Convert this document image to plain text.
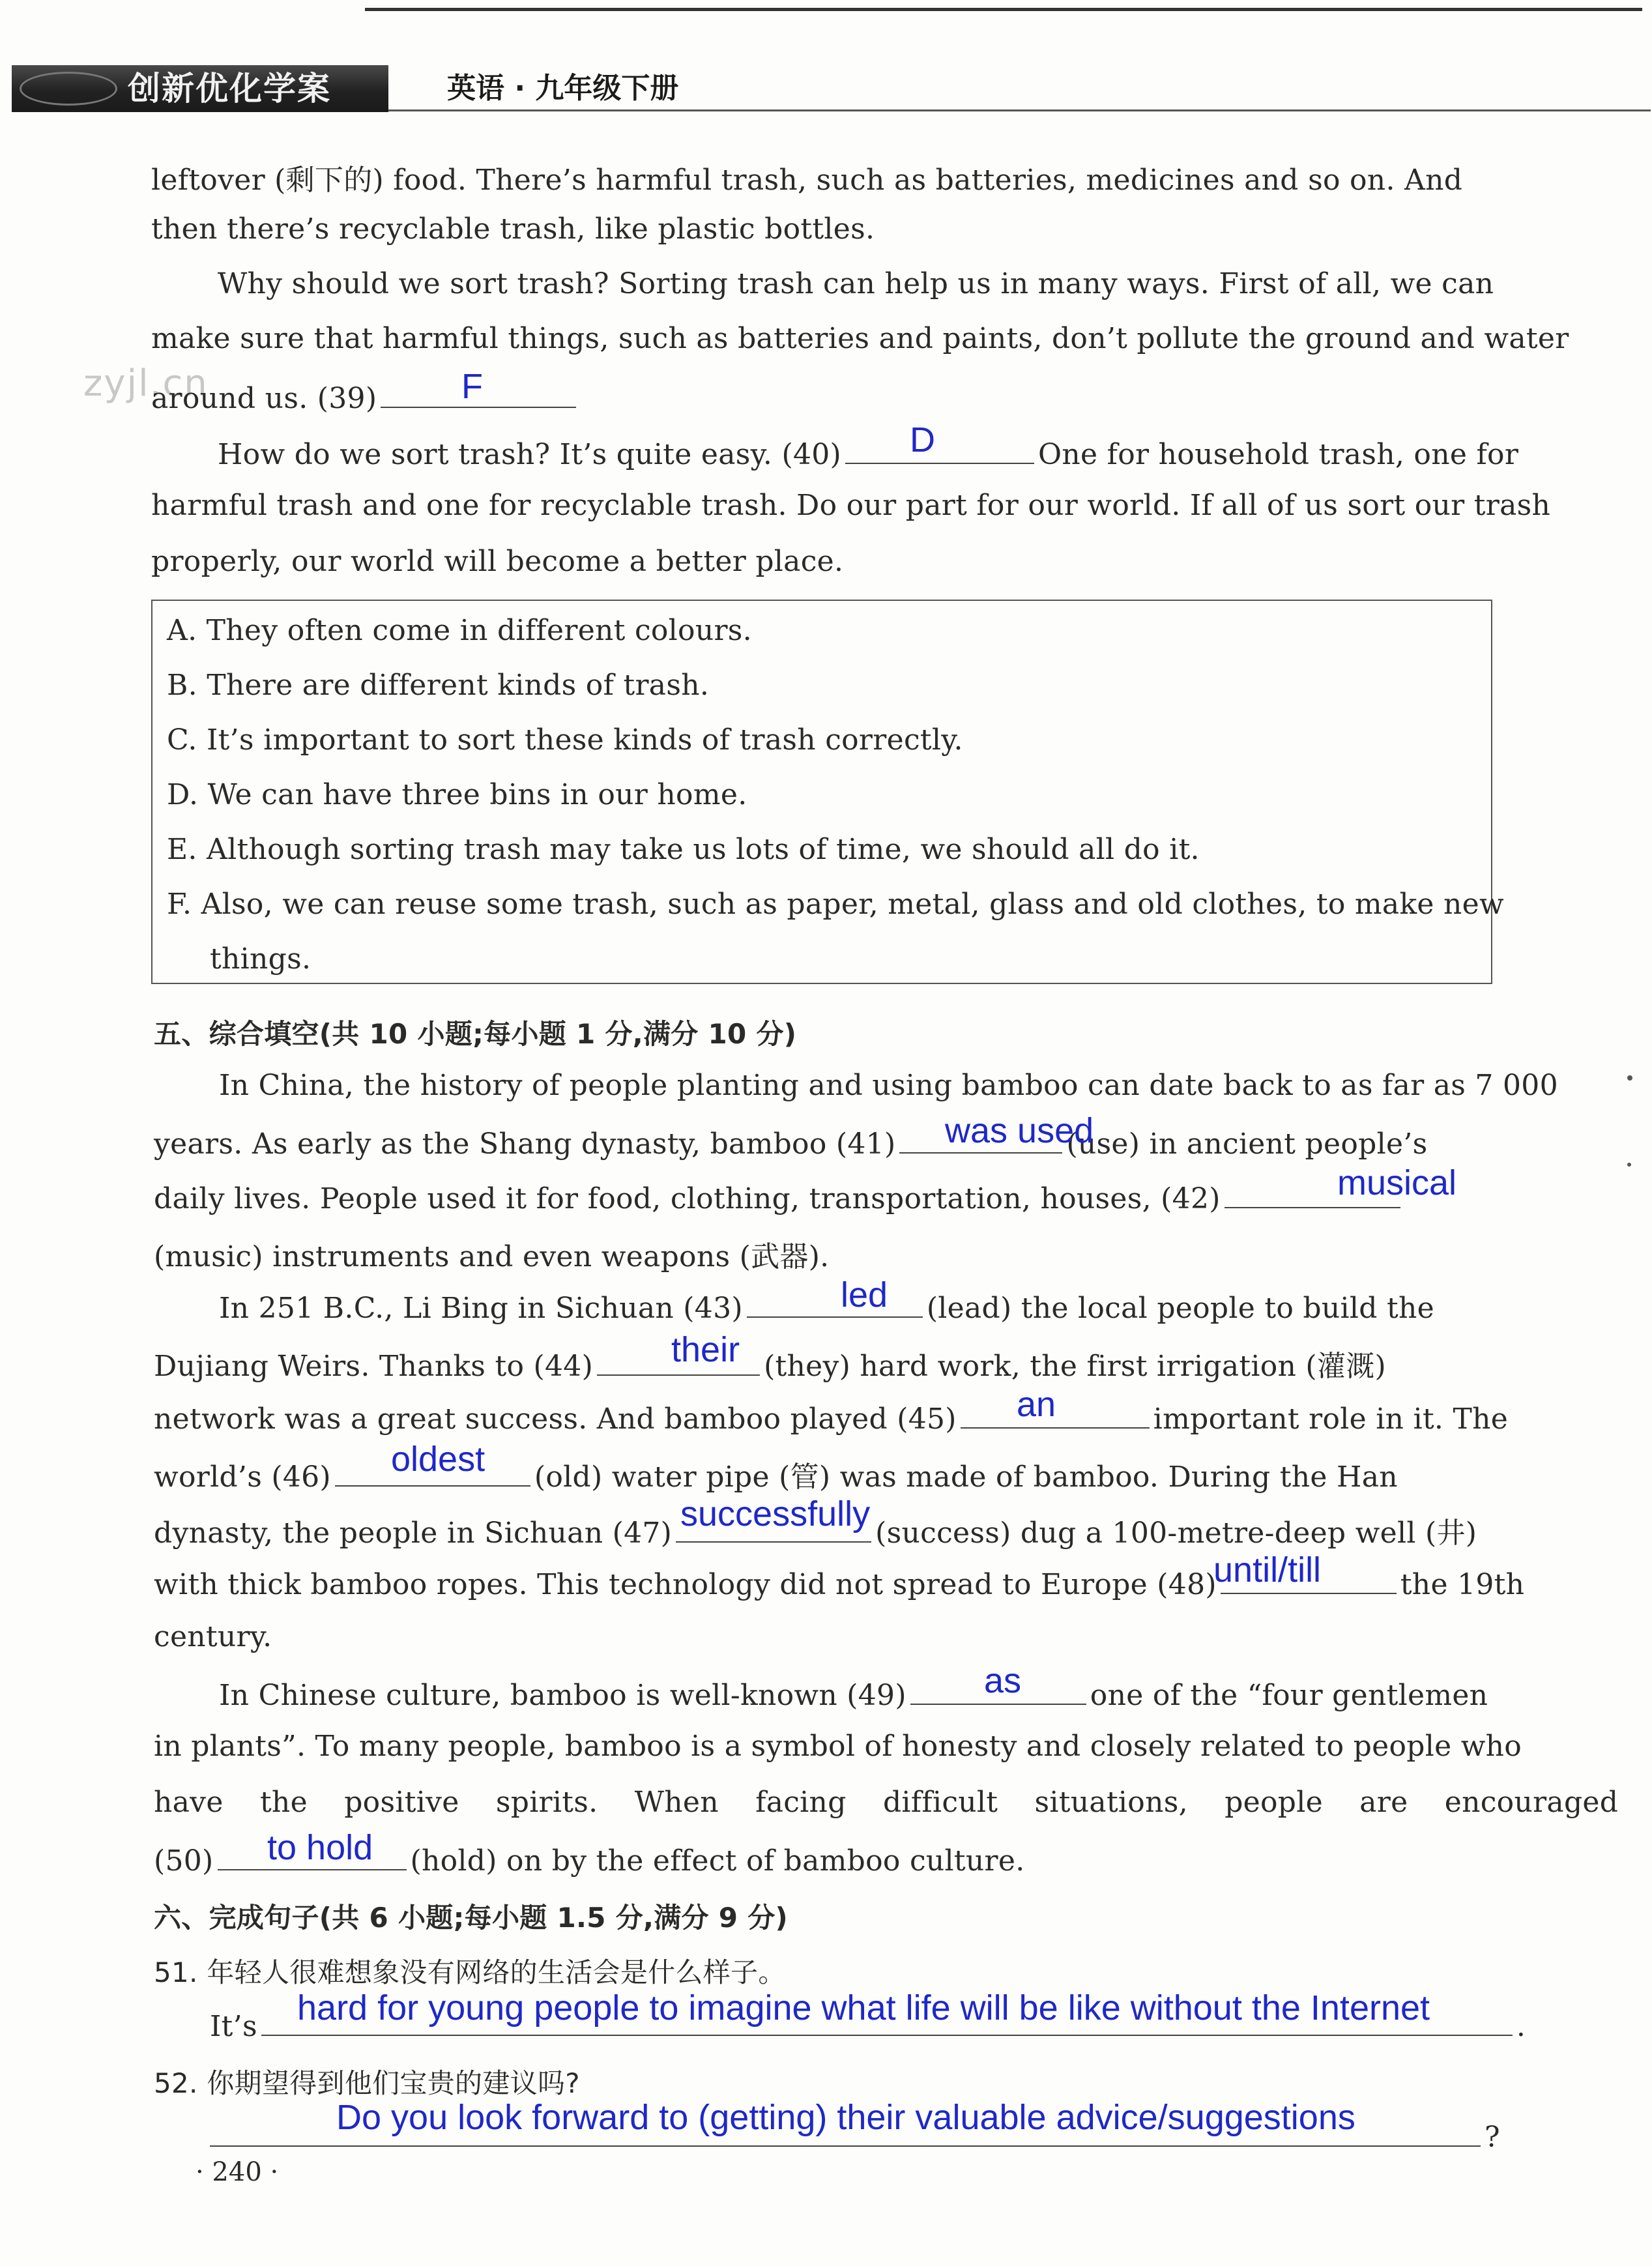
创新优化学案	英语 · 九年级下册
zyjl.cn
leftover (剩下的) food. There’s harmful trash, such as batteries, medicines and so on. And
then there’s recyclable trash, like plastic bottles.
Why should we sort trash? Sorting trash can help us in many ways. First of all, we can
make sure that harmful things, such as batteries and paints, don’t pollute the ground and water
around us. (39)	F
How do we sort trash? It’s quite easy. (40)	One for household trash, one for
D
harmful trash and one for recyclable trash. Do our part for our world. If all of us sort our trash
properly, our world will become a better place.
A. They often come in different colours.
B. There are different kinds of trash.
C. It’s important to sort these kinds of trash correctly.
D. We can have three bins in our home.
E. Although sorting trash may take us lots of time, we should all do it.
F. Also, we can reuse some trash, such as paper, metal, glass and old clothes, to make new
things.
五、综合填空(共 10 小题;每小题 1 分,满分 10 分)
In China, the history of people planting and using bamboo can date back to as far as 7 000
years. As early as the Shang dynasty, bamboo (41)	(use) in ancient people’s
was used
daily lives. People used it for food, clothing, transportation, houses, (42)	musical
(music) instruments and even weapons (武器).
In 251 B.C., Li Bing in Sichuan (43)	(lead) the local people to build the
led
Dujiang Weirs. Thanks to (44)	(they) hard work, the first irrigation (灌溉)
their
network was a great success. And bamboo played (45)	important role in it. The
an
world’s (46)	(old) water pipe (管) was made of bamboo. During the Han
oldest
dynasty, the people in Sichuan (47)	(success) dug a 100-metre-deep well (井)
successfully
with thick bamboo ropes. This technology did not spread to Europe (48)	the 19th
until/till
century.
In Chinese culture, bamboo is well-known (49)	one of the “four gentlemen
as
in plants”. To many people, bamboo is a symbol of honesty and closely related to people who
have the positive spirits. When facing difficult situations, people are encouraged
(50)	(hold) on by the effect of bamboo culture.
to hold
六、完成句子(共 6 小题;每小题 1.5 分,满分 9 分)
51. 年轻人很难想象没有网络的生活会是什么样子。
It’s	.
hard for young people to imagine what life will be like without the Internet
52. 你期望得到他们宝贵的建议吗?
?
Do you look forward to (getting) their valuable advice/suggestions
· 240 ·
